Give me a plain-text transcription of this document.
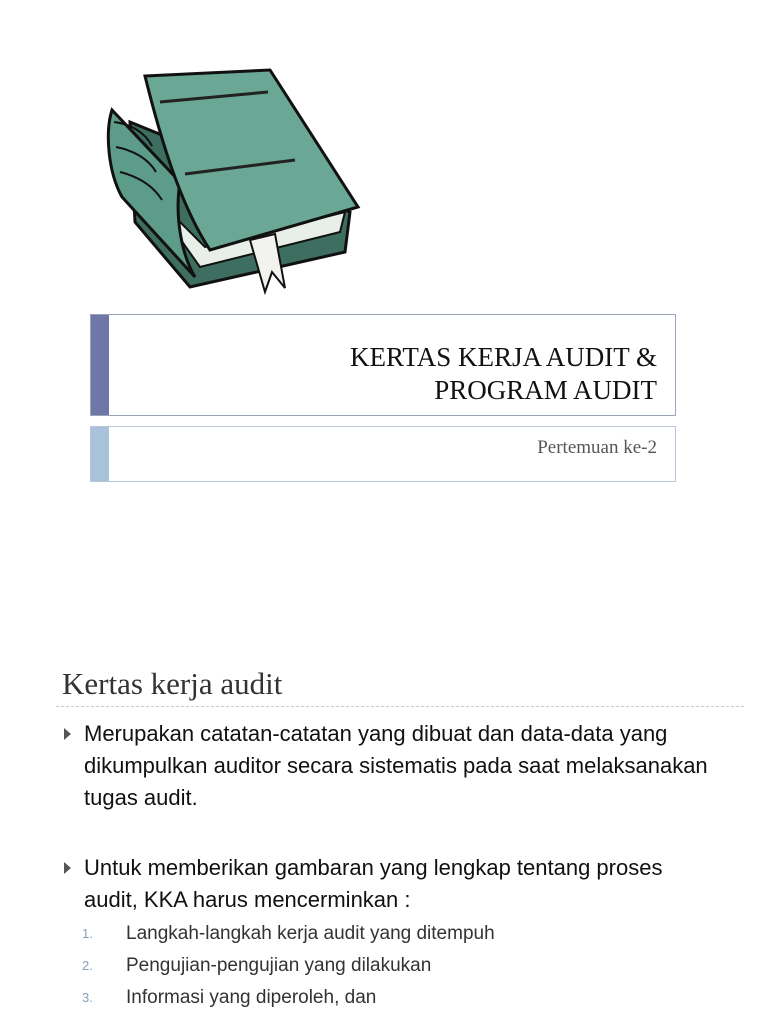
KERTAS KERJA AUDIT &
PROGRAM AUDIT
Pertemuan ke-2
Kertas kerja audit
Merupakan catatan-catatan yang dibuat dan data-data yang dikumpulkan auditor secara sistematis pada saat melaksanakan tugas audit.
Untuk memberikan gambaran yang lengkap tentang proses audit, KKA harus mencerminkan :
1.	Langkah-langkah kerja audit yang ditempuh
2.	Pengujian-pengujian yang dilakukan
3.	Informasi yang diperoleh, dan
